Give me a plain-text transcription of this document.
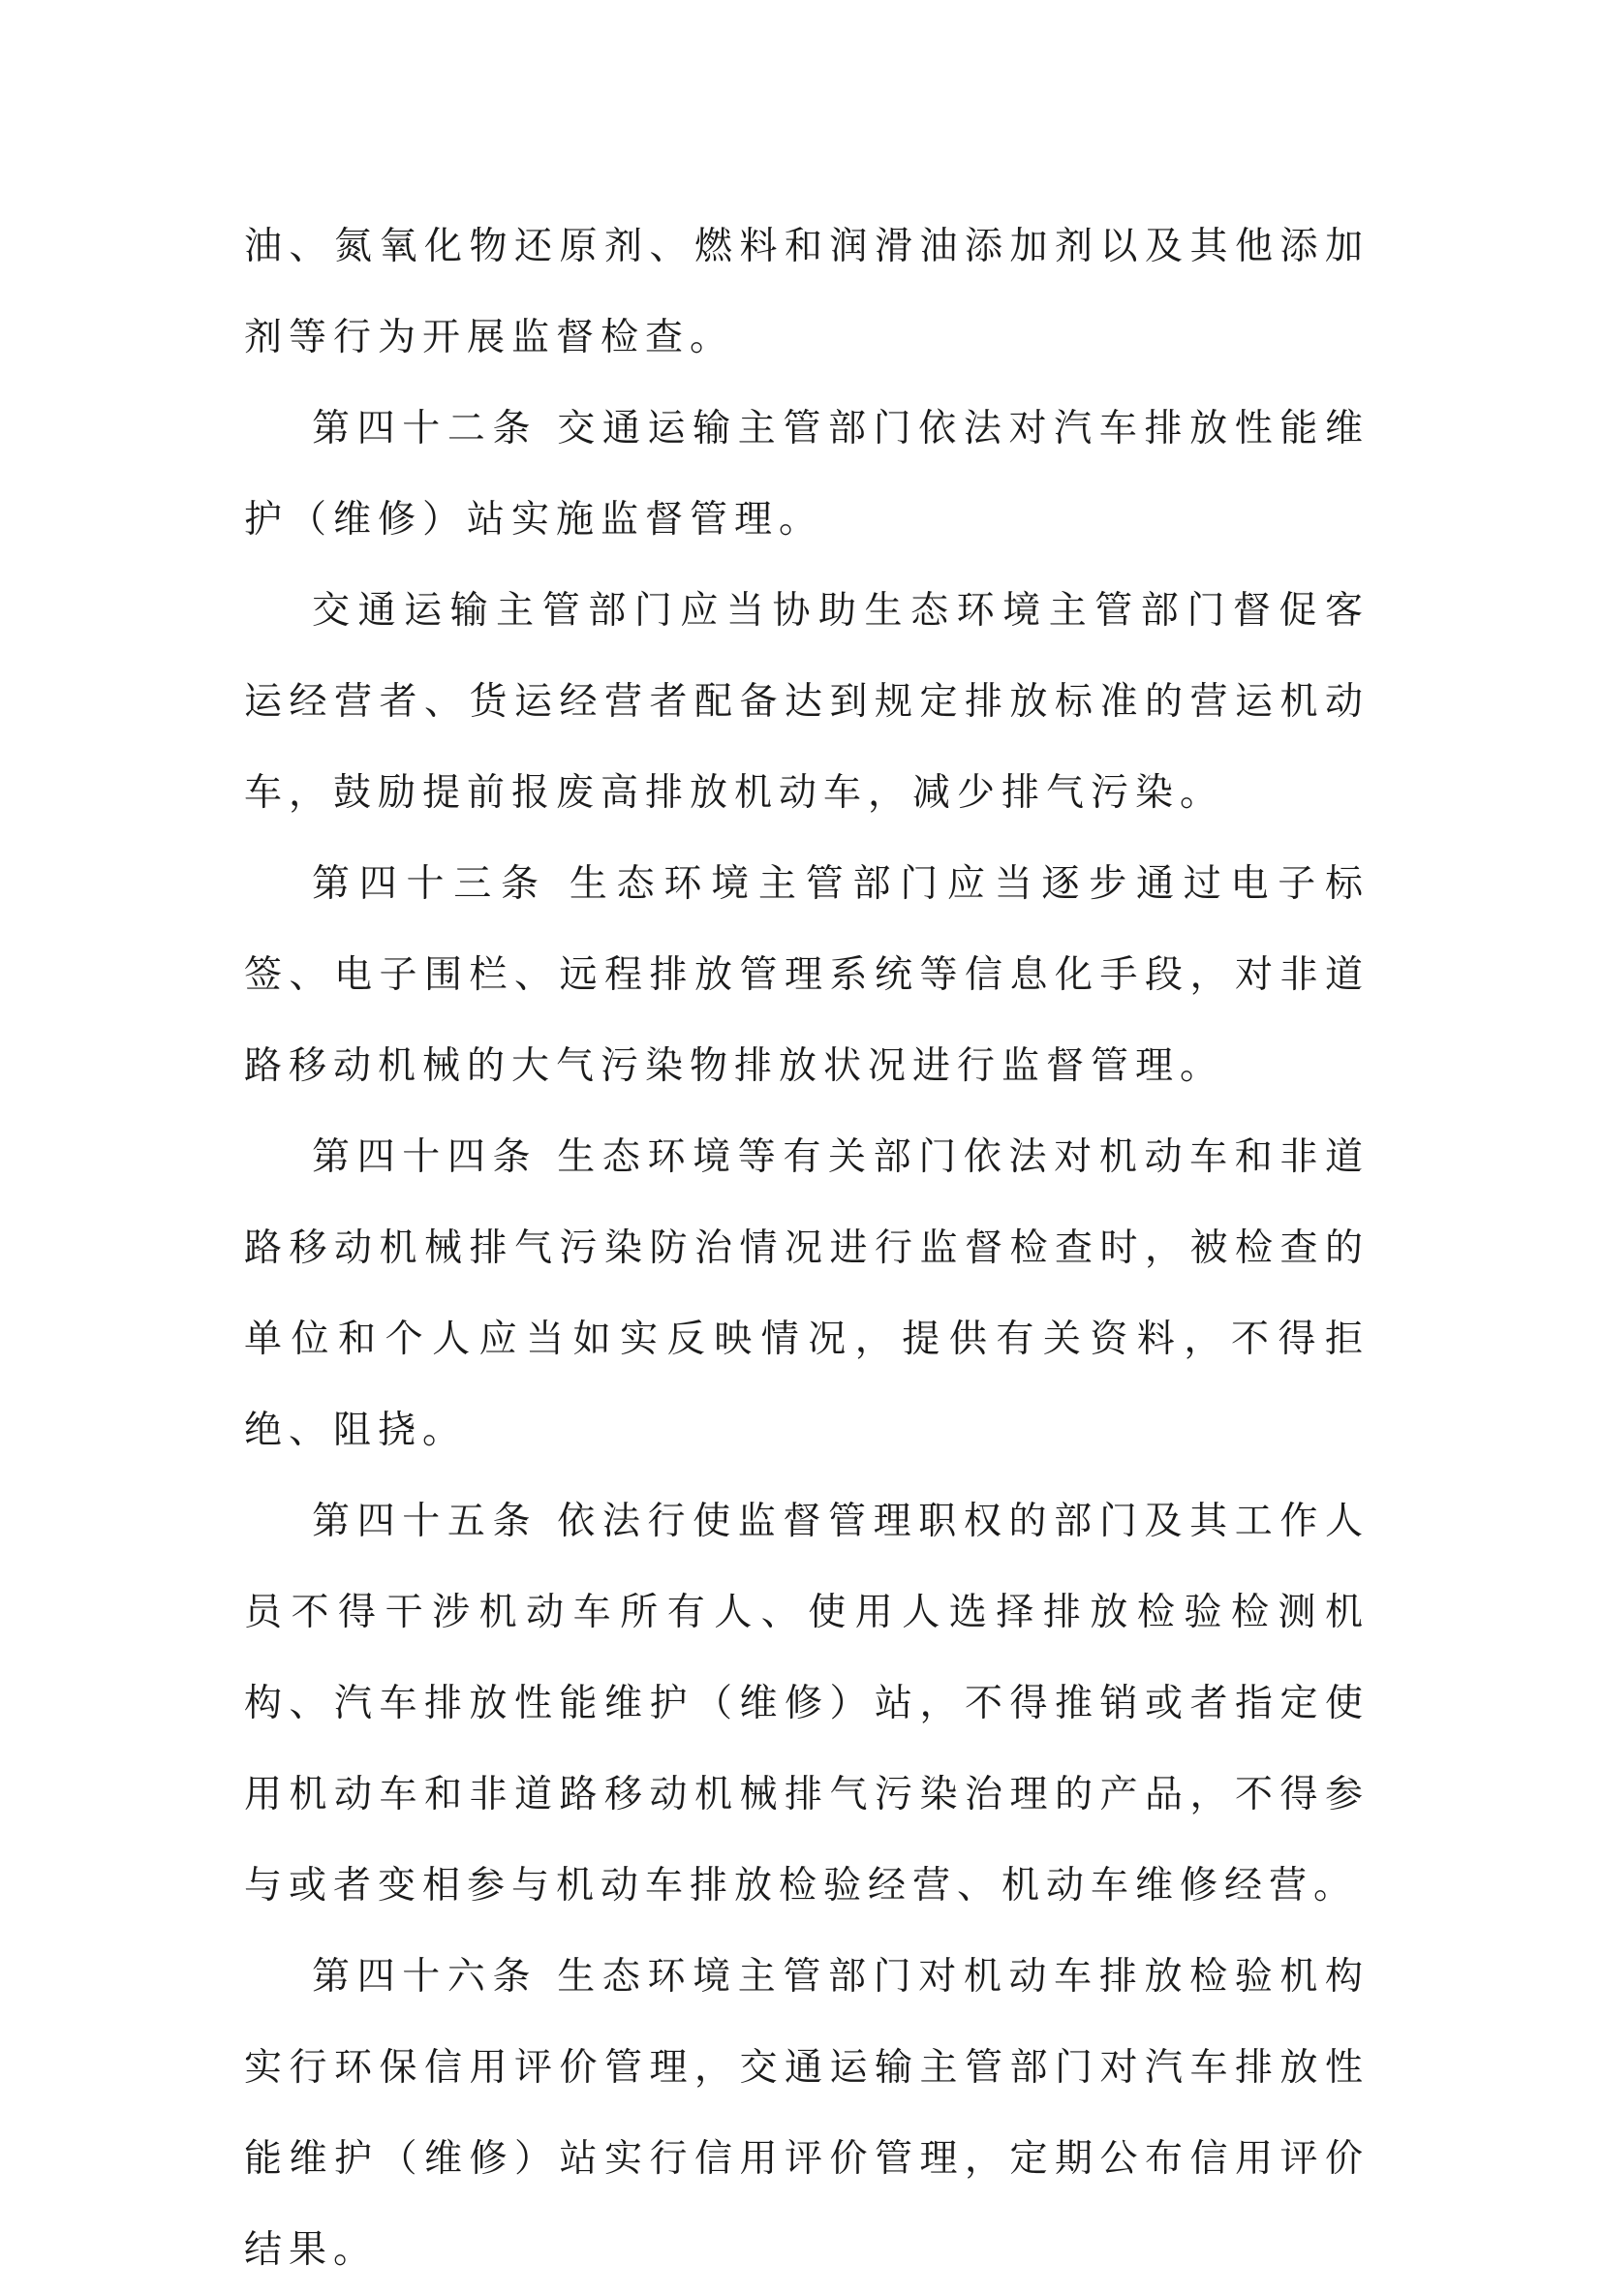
油、氮氧化物还原剂、燃料和润滑油添加剂以及其他添加剂等行为开展监督检查。

第四十二条 交通运输主管部门依法对汽车排放性能维护（维修）站实施监督管理。

交通运输主管部门应当协助生态环境主管部门督促客运经营者、货运经营者配备达到规定排放标准的营运机动车，鼓励提前报废高排放机动车，减少排气污染。

第四十三条 生态环境主管部门应当逐步通过电子标签、电子围栏、远程排放管理系统等信息化手段，对非道路移动机械的大气污染物排放状况进行监督管理。

第四十四条 生态环境等有关部门依法对机动车和非道路移动机械排气污染防治情况进行监督检查时，被检查的单位和个人应当如实反映情况，提供有关资料，不得拒绝、阻挠。

第四十五条 依法行使监督管理职权的部门及其工作人员不得干涉机动车所有人、使用人选择排放检验检测机构、汽车排放性能维护（维修）站，不得推销或者指定使用机动车和非道路移动机械排气污染治理的产品，不得参与或者变相参与机动车排放检验经营、机动车维修经营。

第四十六条 生态环境主管部门对机动车排放检验机构实行环保信用评价管理，交通运输主管部门对汽车排放性能维护（维修）站实行信用评价管理，定期公布信用评价结果。
